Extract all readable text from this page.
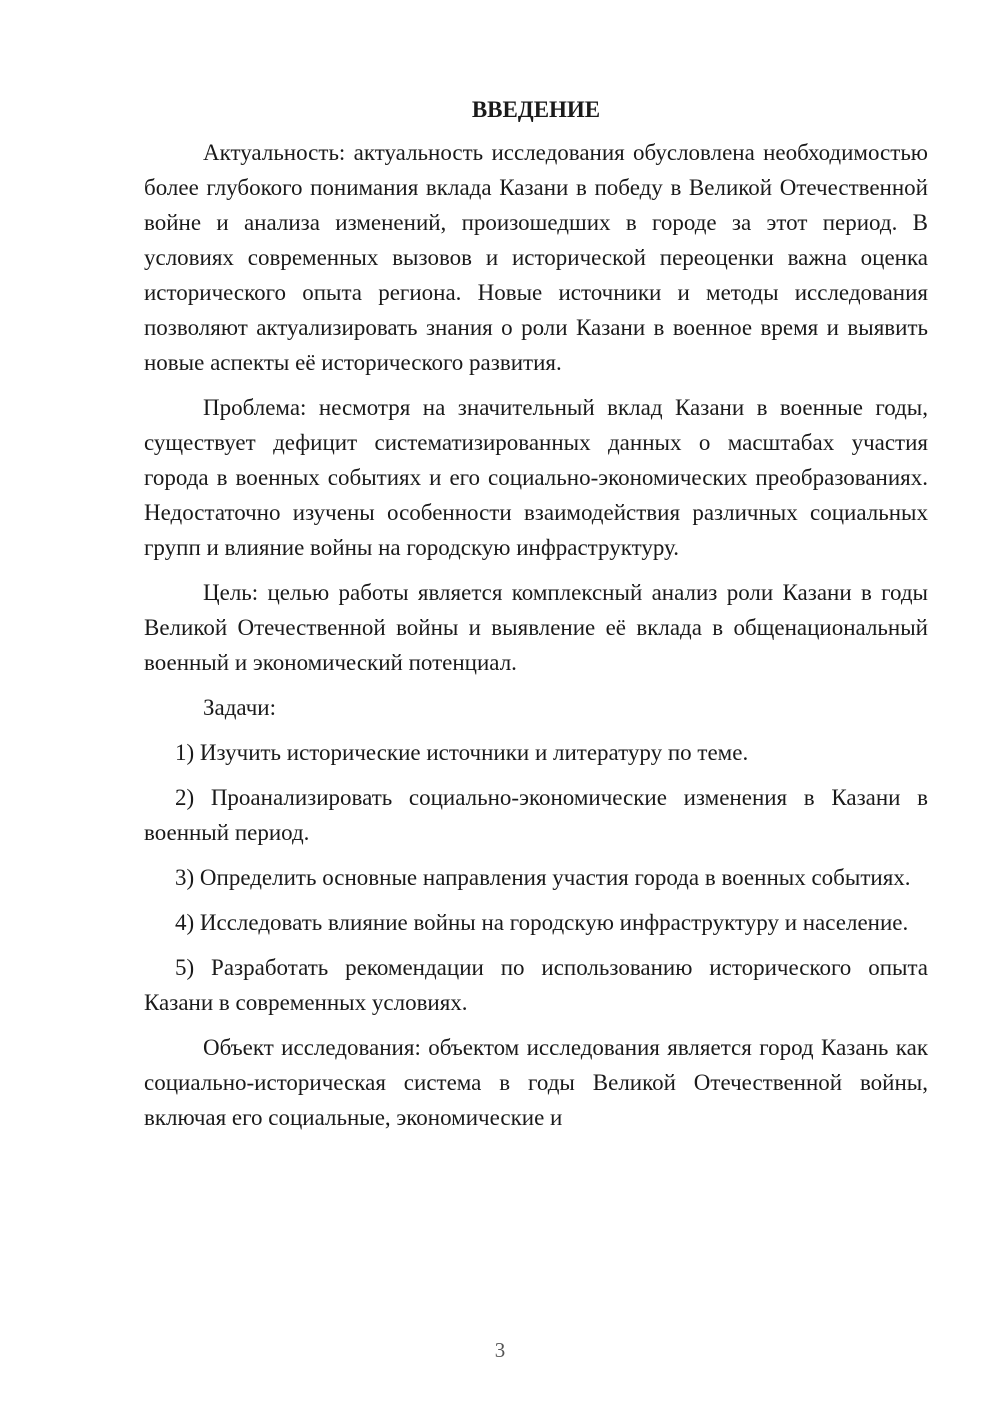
ВВЕДЕНИЕ

Актуальность: актуальность исследования обусловлена необходимостью более глубокого понимания вклада Казани в победу в Великой Отечественной войне и анализа изменений, произошедших в городе за этот период. В условиях современных вызовов и исторической переоценки важна оценка исторического опыта региона. Новые источники и методы исследования позволяют актуализировать знания о роли Казани в военное время и выявить новые аспекты её исторического развития.

Проблема: несмотря на значительный вклад Казани в военные годы, существует дефицит систематизированных данных о масштабах участия города в военных событиях и его социально-экономических преобразованиях. Недостаточно изучены особенности взаимодействия различных социальных групп и влияние войны на городскую инфраструктуру.

Цель: целью работы является комплексный анализ роли Казани в годы Великой Отечественной войны и выявление её вклада в общенациональный военный и экономический потенциал.

Задачи:

1) Изучить исторические источники и литературу по теме.

2) Проанализировать социально-экономические изменения в Казани в военный период.

3) Определить основные направления участия города в военных событиях.

4) Исследовать влияние войны на городскую инфраструктуру и население.

5) Разработать рекомендации по использованию исторического опыта Казани в современных условиях.

Объект исследования: объектом исследования является город Казань как социально-историческая система в годы Великой Отечественной войны, включая его социальные, экономические и

3
